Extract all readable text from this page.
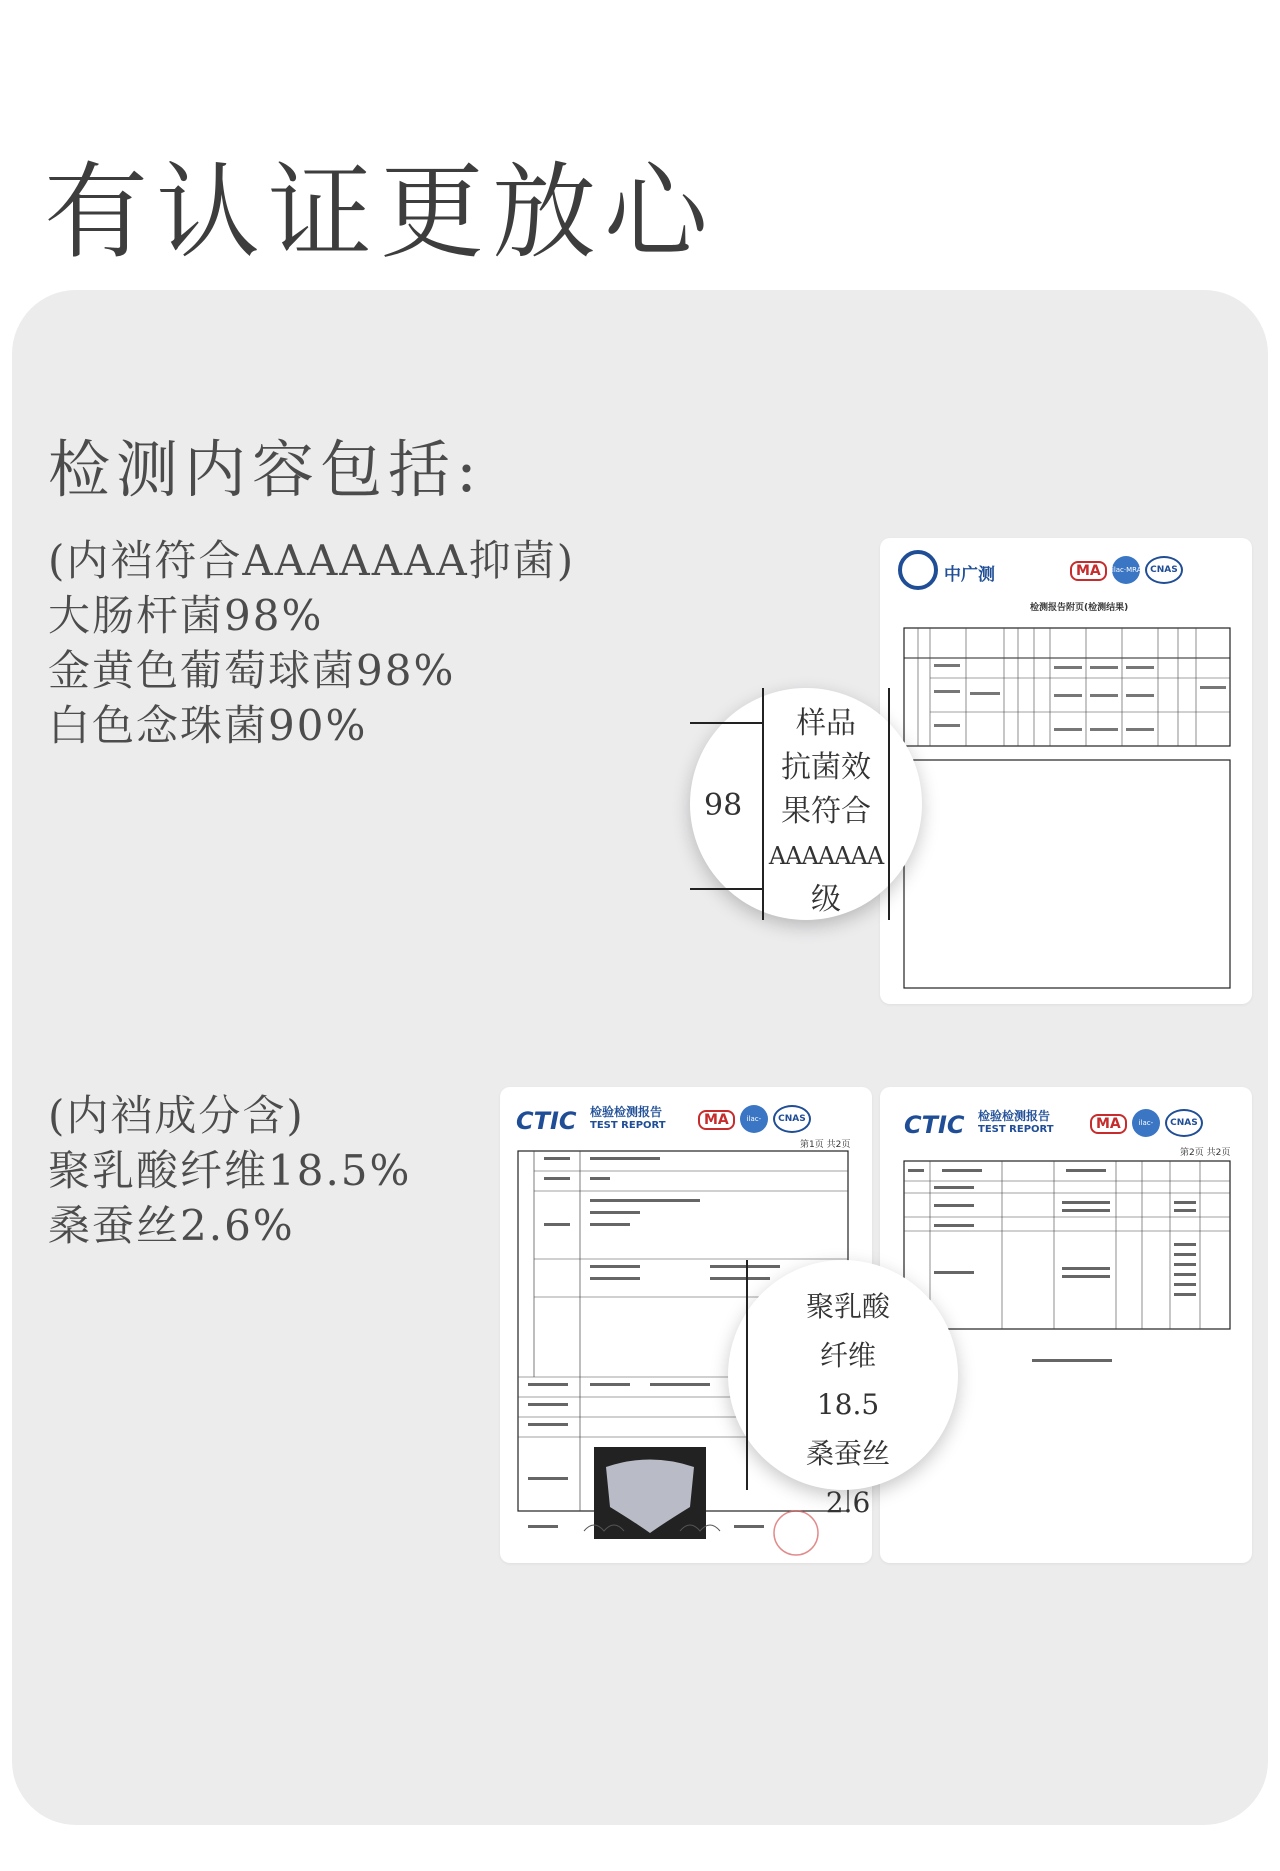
有认证更放心
检测内容包括:
(内裆符合AAAAAAA抑菌)
大肠杆菌98%
金黄色葡萄球菌98%
白色念珠菌90%
(内裆成分含)
聚乳酸纤维18.5%
桑蚕丝2.6%
中广测	MA ilac·MRA CNAS
检测报告附页(检测结果)
98
样品
抗菌效
果符合
AAAAAAA
级
CTIC 检验检测报告
TEST REPORT	MA	ilac-MRA CNAS
第1页 共2页
CTIC 检验检测报告
TEST REPORT	MA	ilac-MRA CNAS
第2页 共2页
聚乳酸
纤维
18.5
桑蚕丝
2.6
